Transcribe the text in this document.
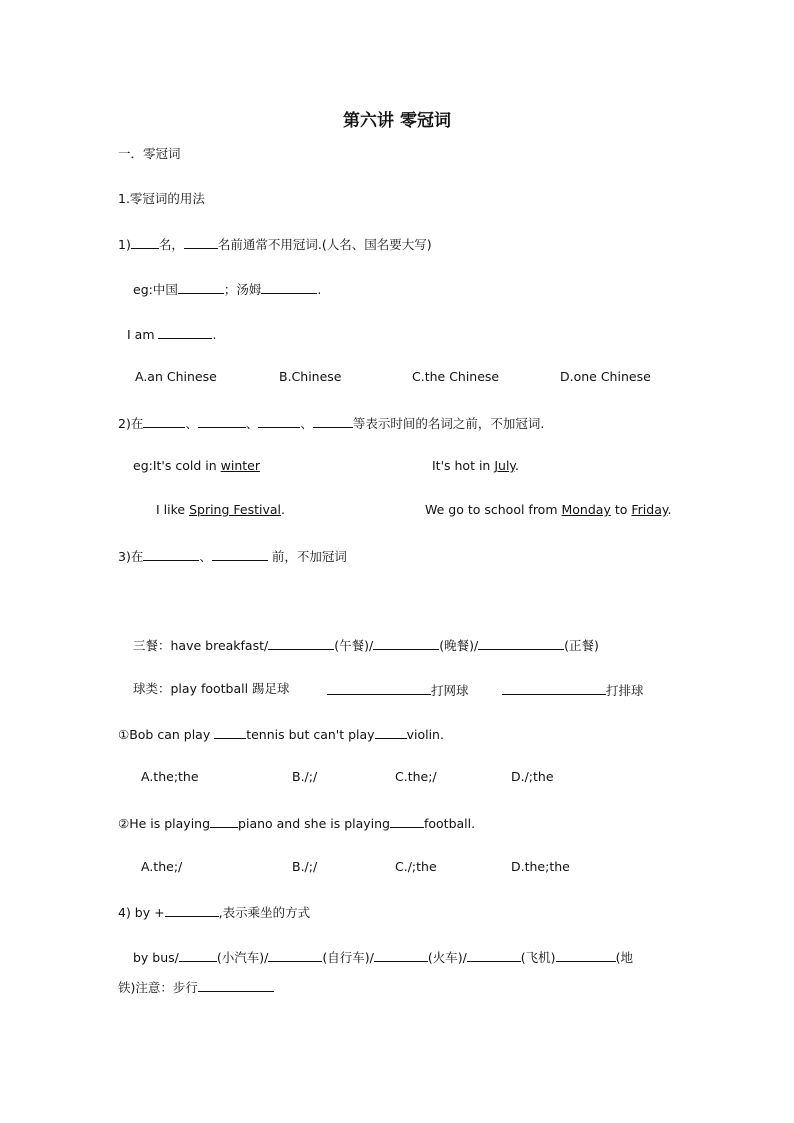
第六讲 零冠词
一．零冠词
1.零冠词的用法
1) 名，	名前通常不用冠词.(人名、国名要大写)
eg:中国	；汤姆	.
I am	.
A.an Chinese	B.Chinese	C.the Chinese	D.one Chinese
2)在	、	、	、	等表示时间的名词之前，不加冠词.
eg:It's cold in winter	It's hot in July.
I like Spring Festival.	We go to school from Monday to Friday.
3)在	、	前，不加冠词
三餐：have breakfast/	(午餐)/	(晚餐)/	(正餐)
球类：play football 踢足球	打网球	打排球
①Bob can play	tennis but can't play	violin.
A.the;the	B./;/	C.the;/	D./;the
②He is playing piano and she is playing	football.
A.the;/	B./;/	C./;the	D.the;the
4) by +	,表示乘坐的方式
by bus/	(小汽车)/	(自行车)/	(火车)/	(飞机)	(地
铁)注意：步行
